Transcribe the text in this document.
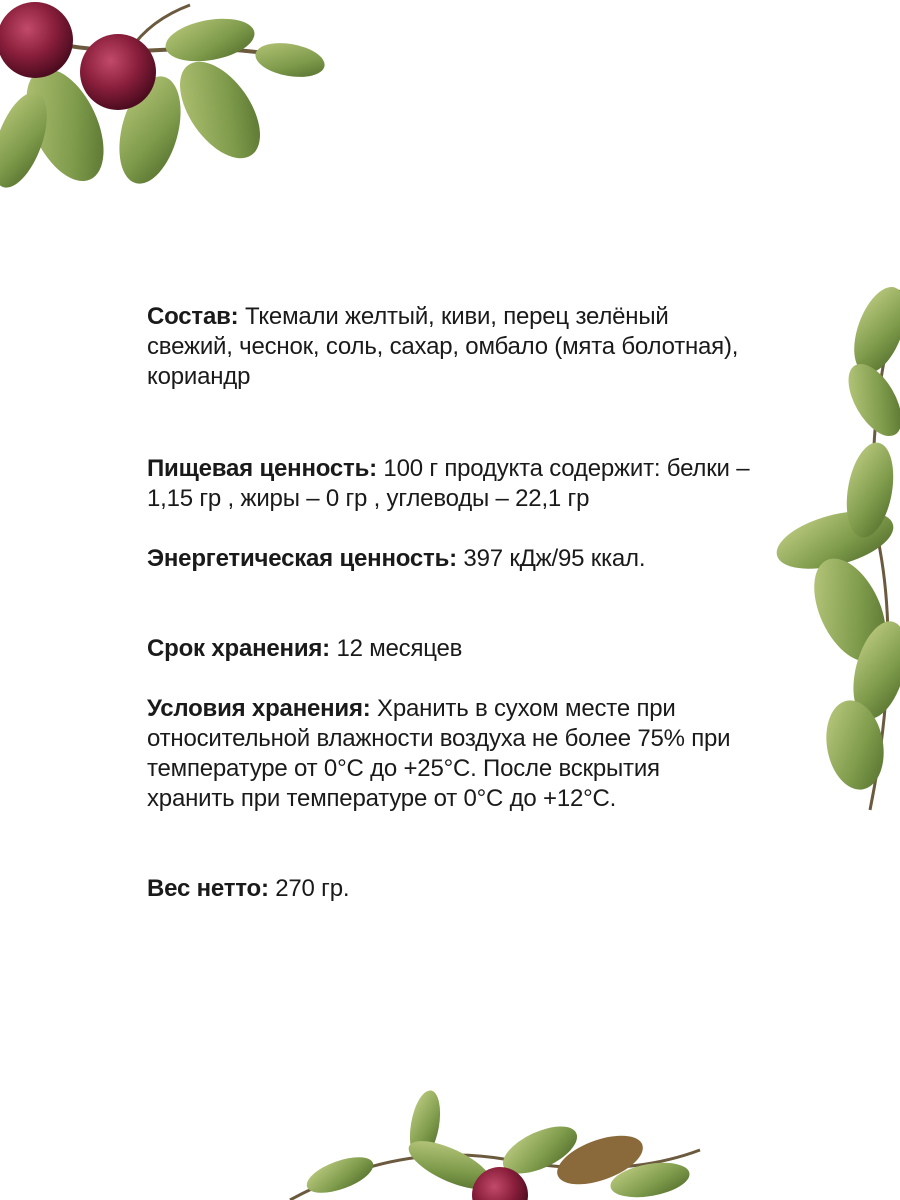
Состав: Ткемали желтый, киви, перец зелёный свежий, чеснок, соль, сахар, омбало (мята болотная), кориандр

Пищевая ценность: 100 г продукта содержит: белки – 1,15 гр , жиры – 0 гр , углеводы – 22,1 гр

Энергетическая ценность: 397 кДж/95 ккал.

Срок хранения: 12 месяцев

Условия хранения: Хранить в сухом месте при относительной влажности воздуха не более 75% при температуре от 0°С до +25°С. После вскрытия хранить при температуре от 0°С до +12°С.

Вес нетто: 270 гр.
